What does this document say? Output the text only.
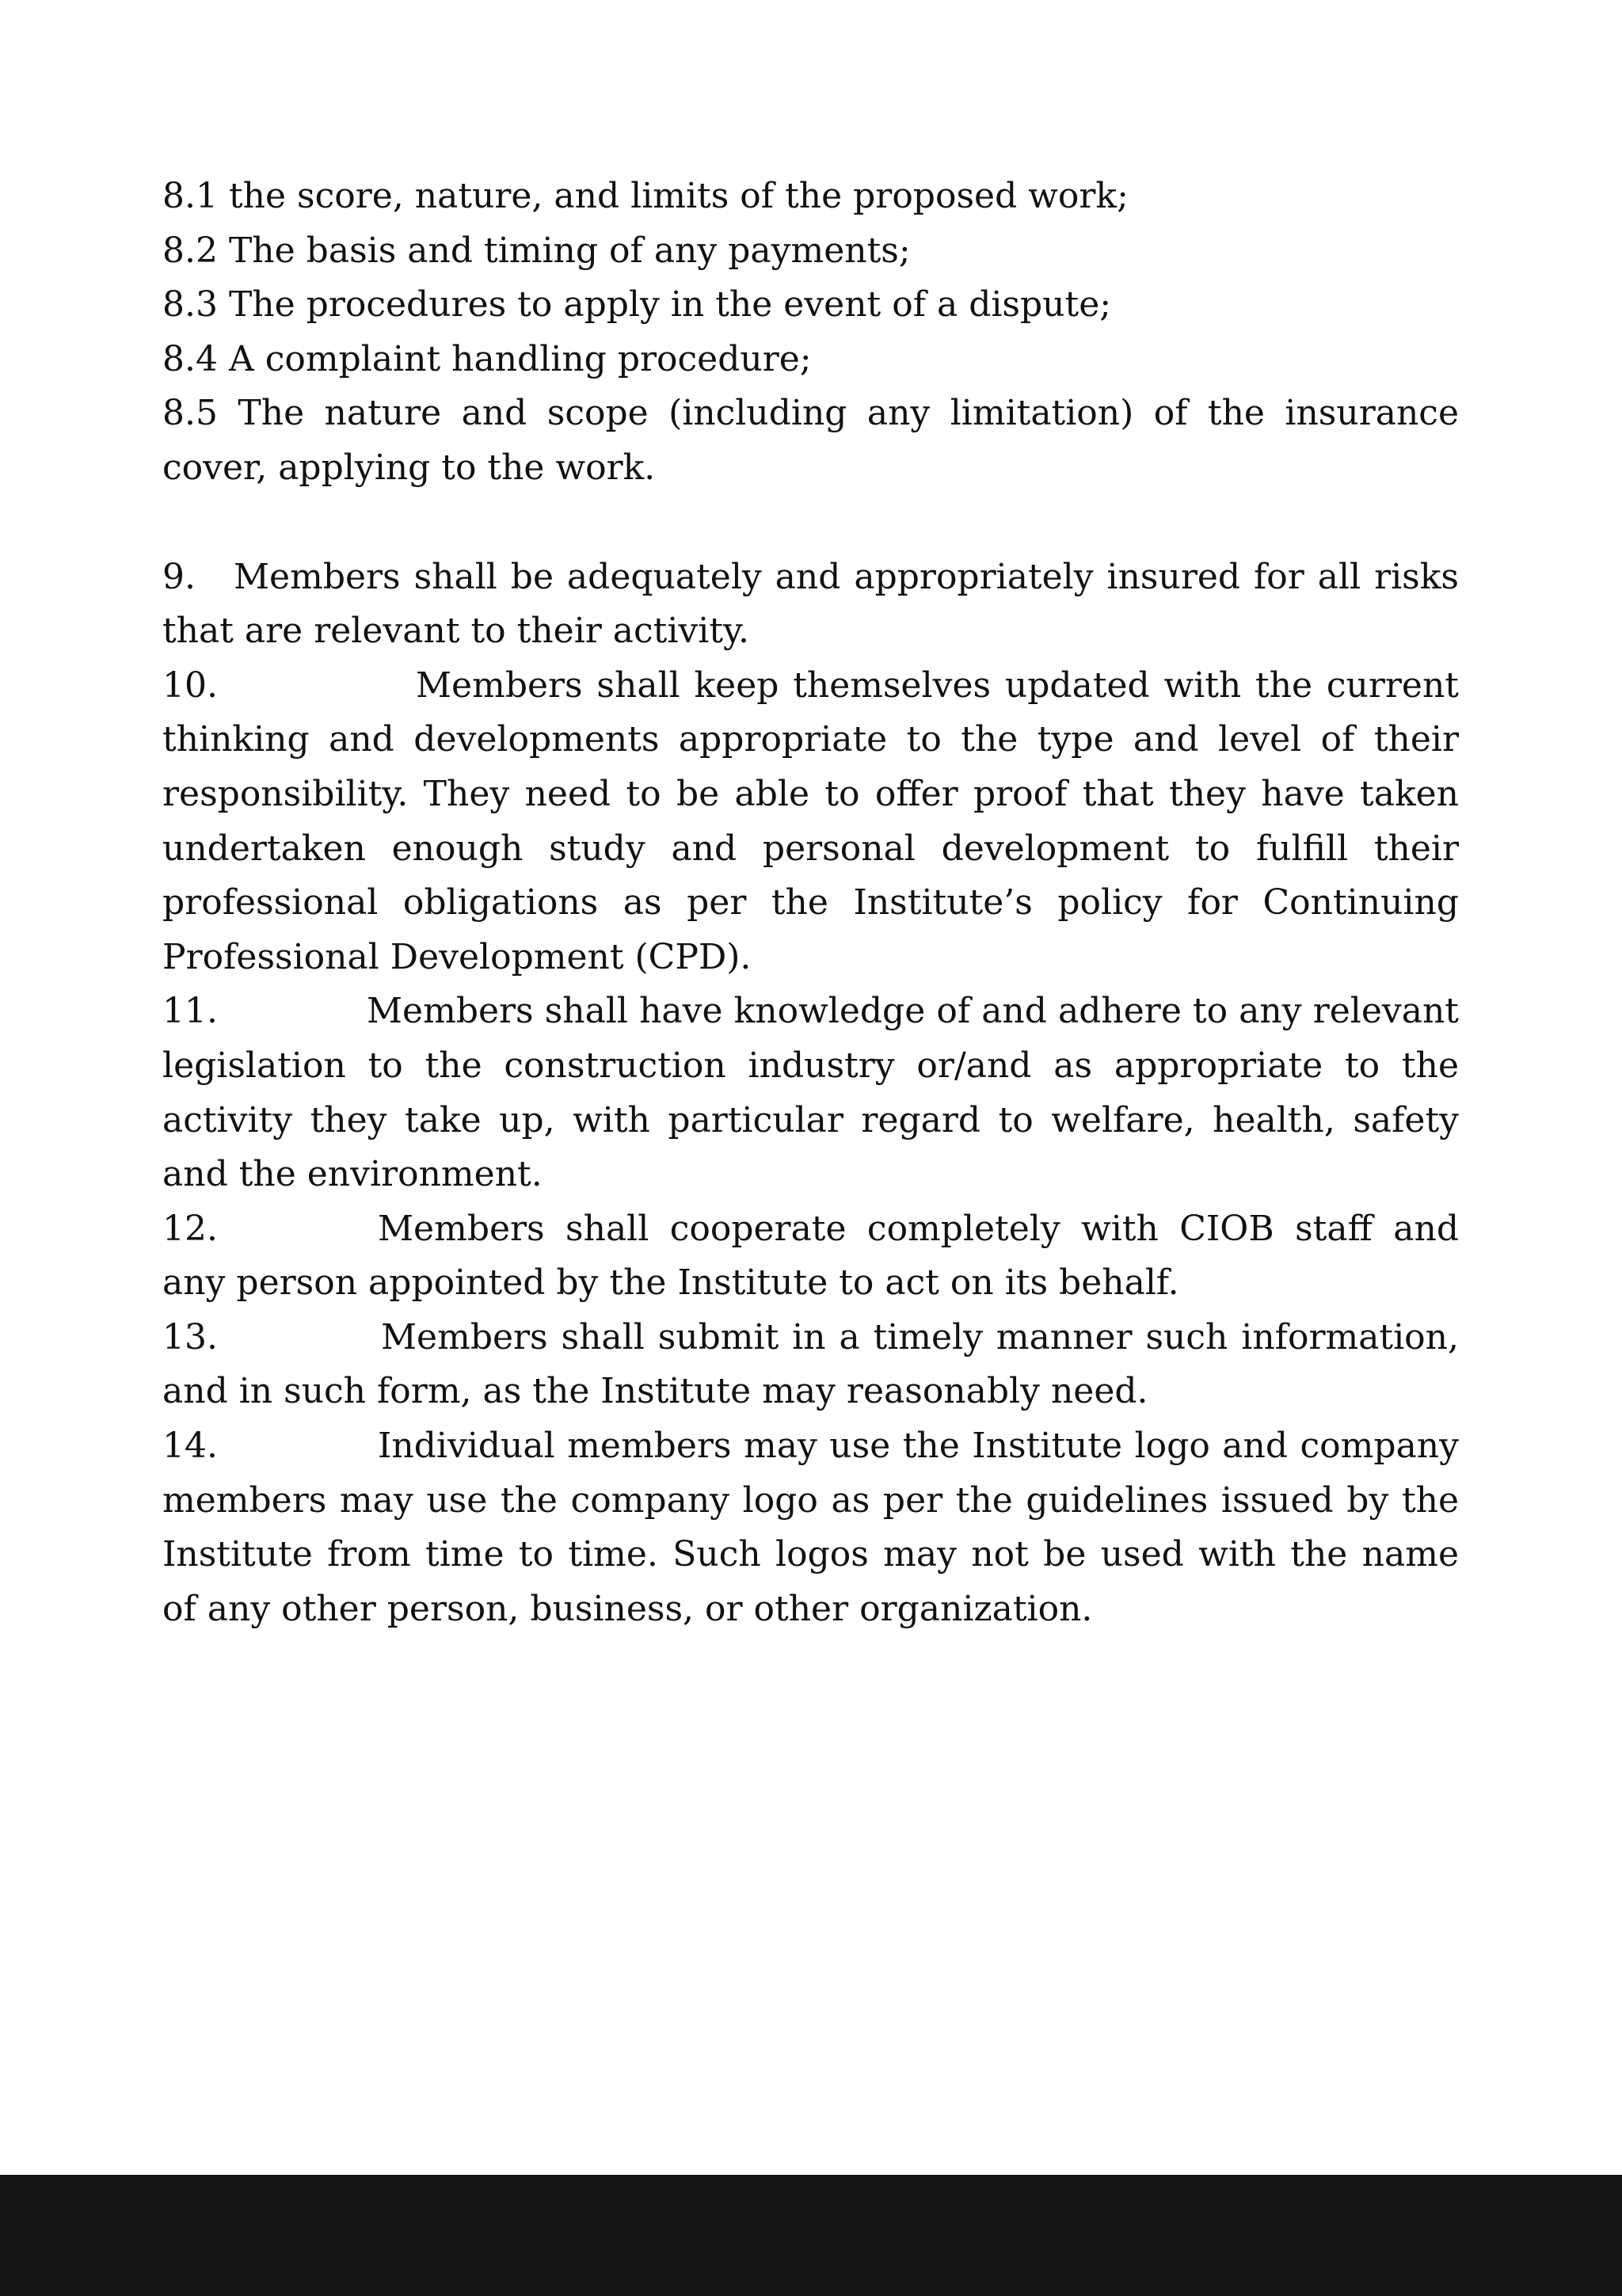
8.1 the score, nature, and limits of the proposed work;

8.2 The basis and timing of any payments;

8.3 The procedures to apply in the event of a dispute;

8.4 A complaint handling procedure;

8.5 The nature and scope (including any limitation) of the insurance cover, applying to the work.

9. Members shall be adequately and appropriately insured for all risks that are relevant to their activity.

10.	Members shall keep themselves updated with the current thinking and developments appropriate to the type and level of their responsibility. They need to be able to offer proof that they have taken undertaken enough study and personal development to fulfill their professional obligations as per the Institute’s policy for Continuing Professional Development (CPD).

11.	Members shall have knowledge of and adhere to any relevant legislation to the construction industry or/and as appropriate to the activity they take up, with particular regard to welfare, health, safety and the environment.

12.	Members shall cooperate completely with CIOB staff and any person appointed by the Institute to act on its behalf.

13.	Members shall submit in a timely manner such information, and in such form, as the Institute may reasonably need.

14.	Individual members may use the Institute logo and company members may use the company logo as per the guidelines issued by the Institute from time to time. Such logos may not be used with the name of any other person, business, or other organization.
